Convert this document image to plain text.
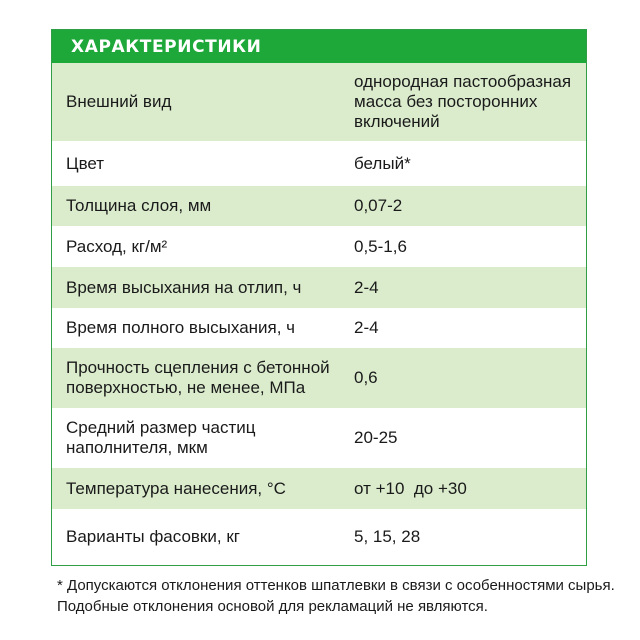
ХАРАКТЕРИСТИКИ
Внешний вид	однородная пастообразная масса без посторонних включений
Цвет	белый*
Толщина слоя, мм	0,07-2
Расход, кг/м²	0,5-1,6
Время высыхания на отлип, ч	2-4
Время полного высыхания, ч	2-4
Прочность сцепления с бетонной поверхностью, не менее, МПа	0,6
Средний размер частиц наполнителя, мкм	20-25
Температура нанесения, °С	от +10  до +30
Варианты фасовки, кг	5, 15, 28
* Допускаются отклонения оттенков шпатлевки в связи с особенностями сырья. Подобные отклонения основой для рекламаций не являются.
